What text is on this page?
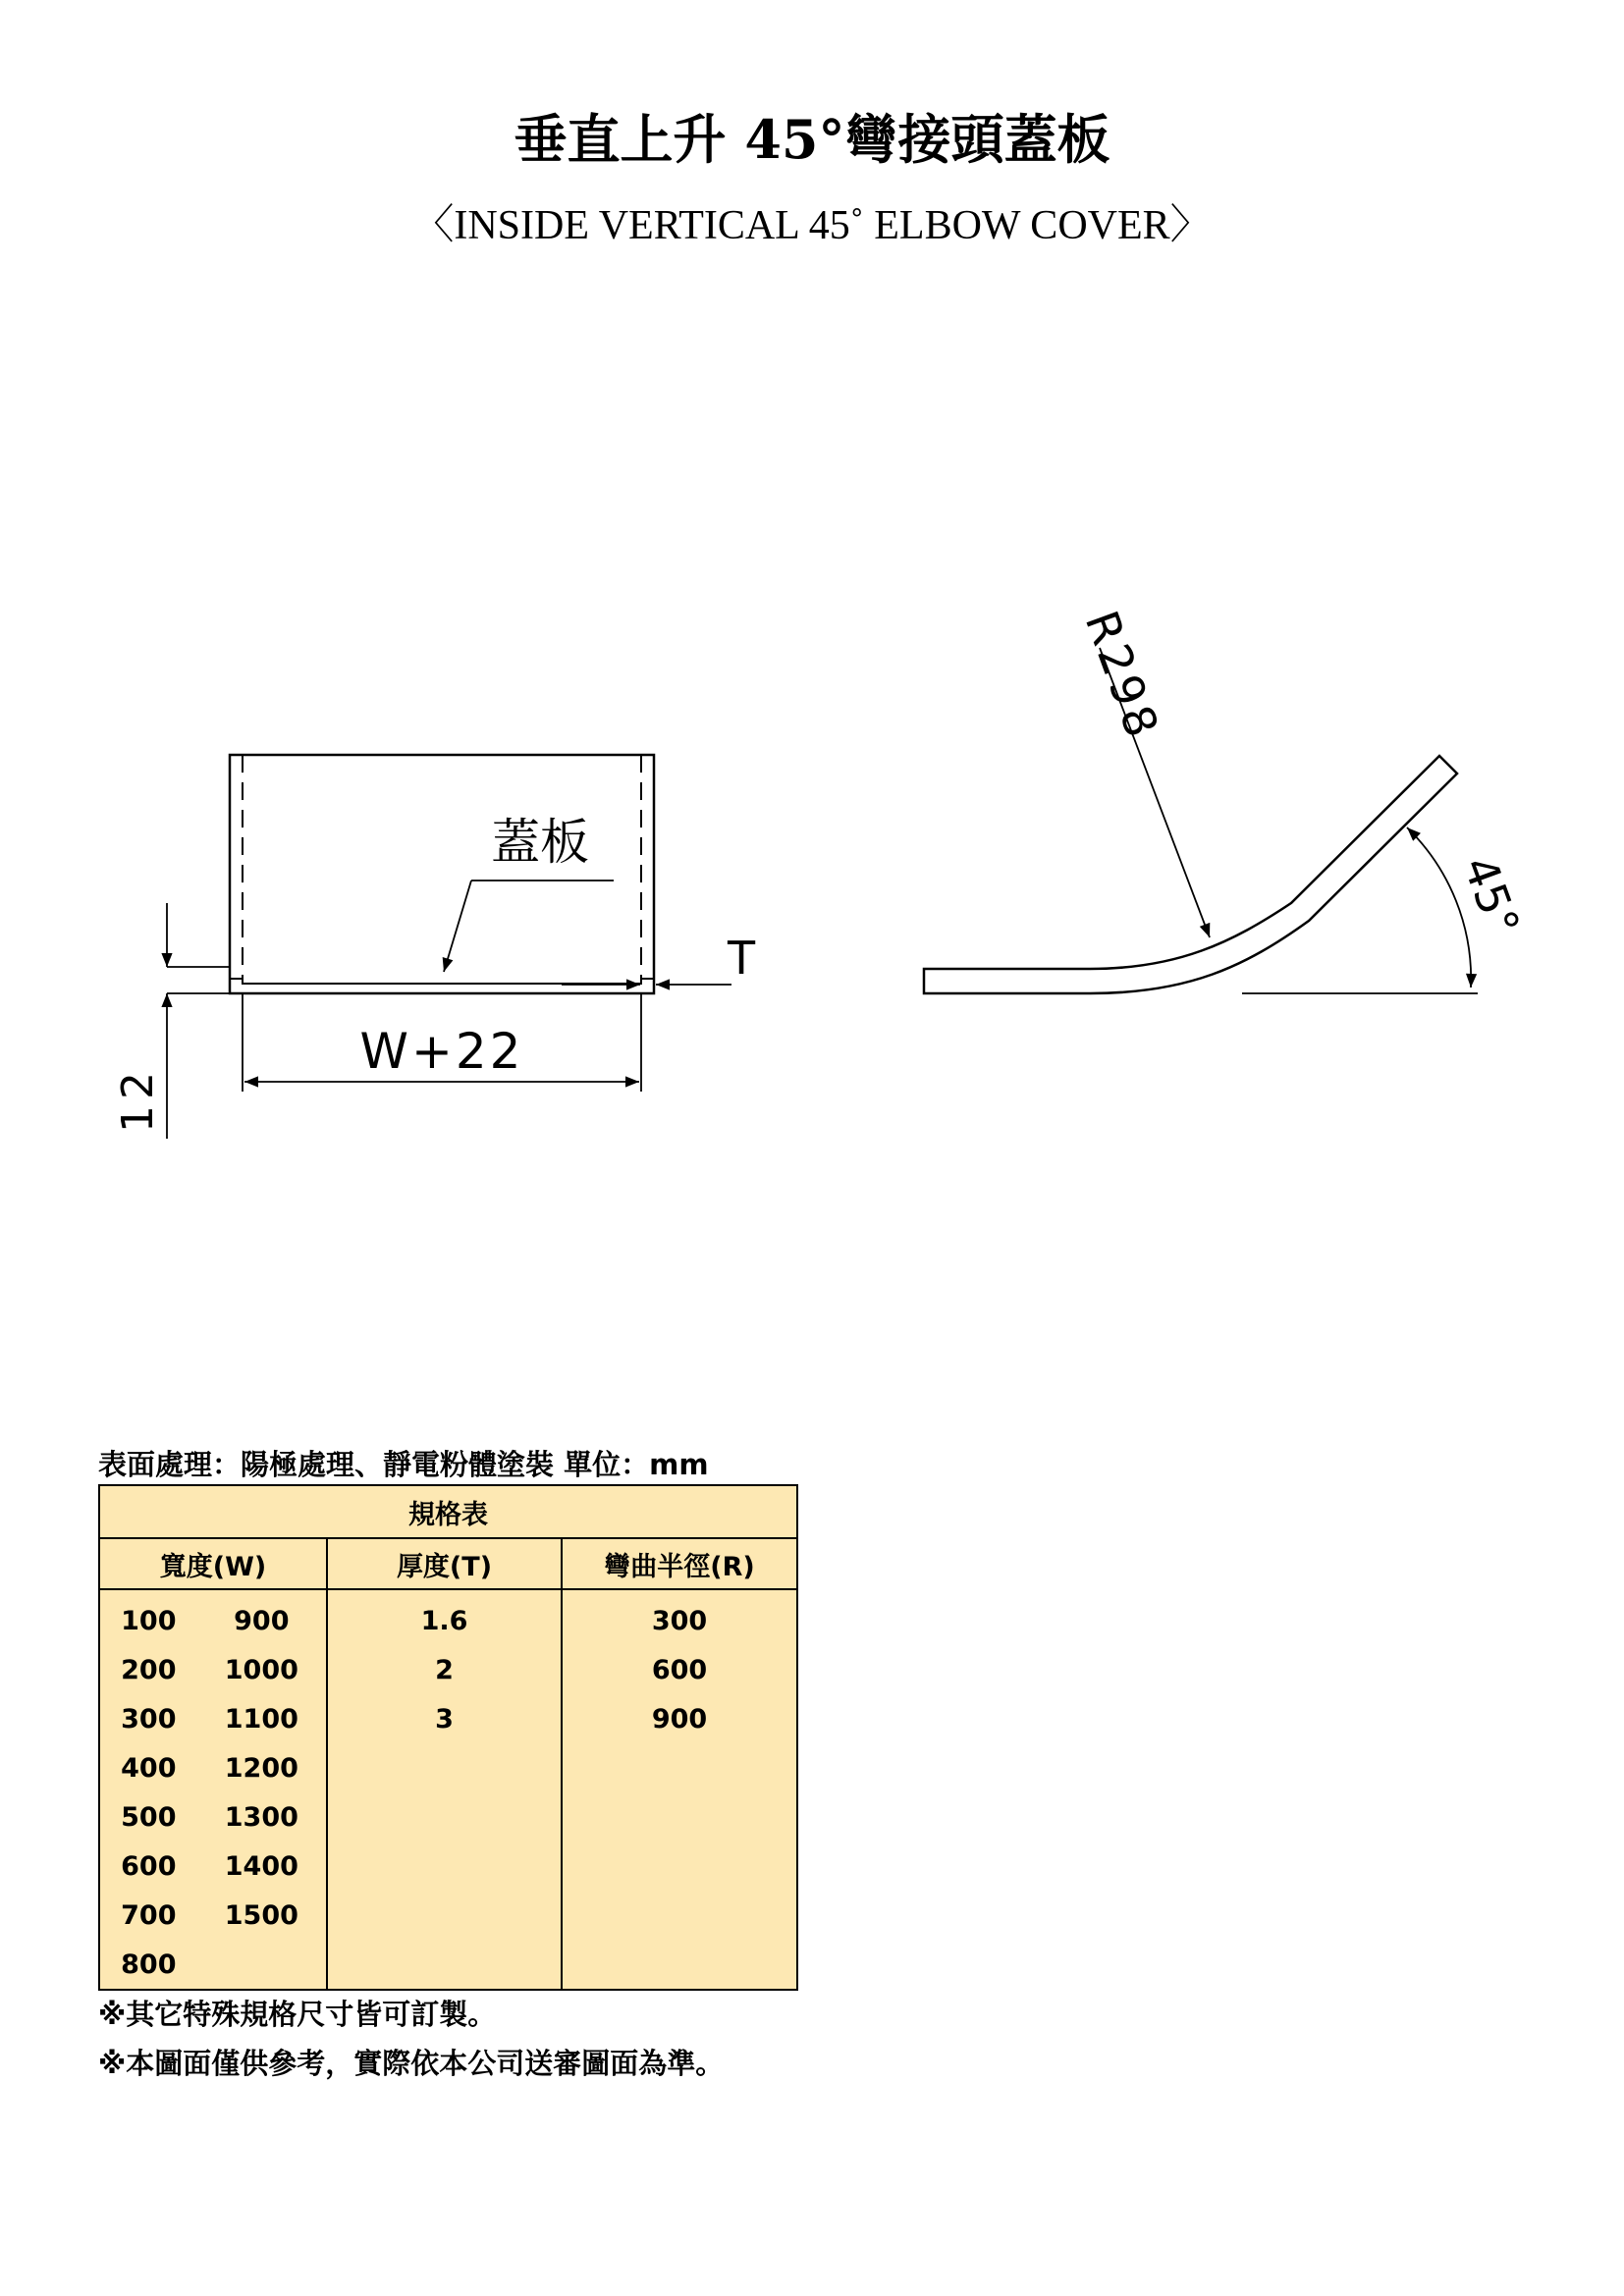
垂直上升 45°彎接頭蓋板
〈INSIDE VERTICAL 45˚ ELBOW COVER〉
12
蓋板
T
W+22
R298
45°
表面處理：陽極處理、靜電粉體塗裝 單位：mm
規格表			
寬度(W)		厚度(T)	彎曲半徑(R)
100	900	1.6	300
200	1000	2	600
300	1100	3	900
400	1200		
500	1300		
600	1400		
700	1500		
800			
※其它特殊規格尺寸皆可訂製。
※本圖面僅供參考，實際依本公司送審圖面為準。
